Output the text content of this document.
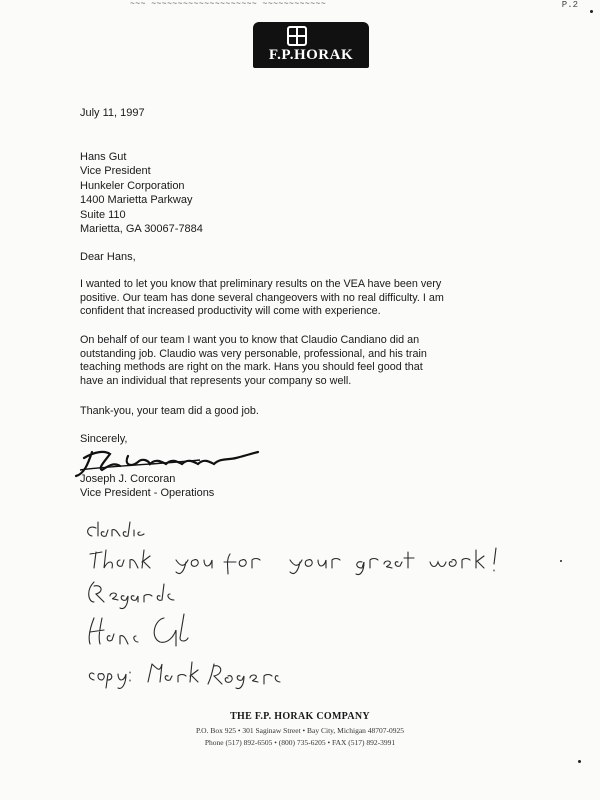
~~~ ~~~~~~~~~~~~~~~~~~~~ ~~~~~~~~~~~~	P.2
F.P.HORAK
July 11, 1997
Hans Gut
Vice President
Hunkeler Corporation
1400 Marietta Parkway
Suite 110
Marietta, GA 30067-7884
Dear Hans,
I wanted to let you know that preliminary results on the VEA have been very
positive. Our team has done several changeovers with no real difficulty. I am
confident that increased productivity will come with experience.
On behalf of our team I want you to know that Claudio Candiano did an
outstanding job. Claudio was very personable, professional, and his train
teaching methods are right on the mark. Hans you should feel good that
have an individual that represents your company so well.
Thank-you, your team did a good job.
Sincerely,
Joseph J. Corcoran
Vice President - Operations
THE F.P. HORAK COMPANY
P.O. Box 925 • 301 Saginaw Street • Bay City, Michigan 48707-0925
Phone (517) 892-6505 • (800) 735-6205 • FAX (517) 892-3991
